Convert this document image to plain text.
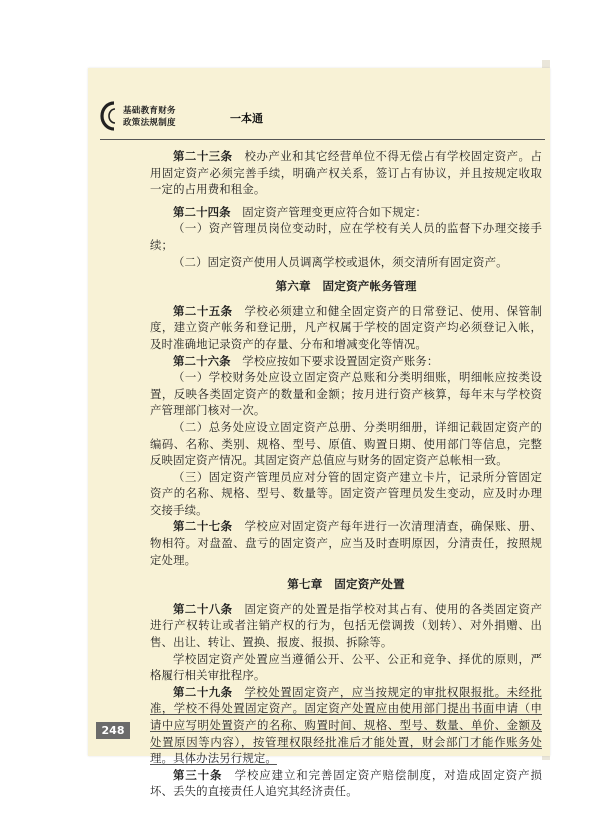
基础教育财务
政策法规制度	一本通

第二十三条　 校办产业和其它经营单位不得无偿占有学校固定资产。占用固定资产必须完善手续，明确产权关系，签订占有协议，并且按规定收取一定的占用费和租金。

第二十四条　 固定资产管理变更应符合如下规定：

（一）资产管理员岗位变动时，应在学校有关人员的监督下办理交接手续；

（二）固定资产使用人员调离学校或退休，须交清所有固定资产。

第六章　固定资产帐务管理

第二十五条　 学校必须建立和健全固定资产的日常登记、使用、保管制度，建立资产帐务和登记册，凡产权属于学校的固定资产均必须登记入帐，及时准确地记录资产的存量、分布和增减变化等情况。

第二十六条　 学校应按如下要求设置固定资产账务：

（一）学校财务处应设立固定资产总账和分类明细账，明细帐应按类设置，反映各类固定资产的数量和金额；按月进行资产核算，每年末与学校资产管理部门核对一次。

（二）总务处应设立固定资产总册、分类明细册，详细记载固定资产的编码、名称、类别、规格、型号、原值、购置日期、使用部门等信息，完整反映固定资产情况。其固定资产总值应与财务的固定资产总帐相一致。

（三）固定资产管理员应对分管的固定资产建立卡片，记录所分管固定资产的名称、规格、型号、数量等。固定资产管理员发生变动，应及时办理交接手续。

第二十七条　 学校应对固定资产每年进行一次清理清查，确保账、册、物相符。对盘盈、盘亏的固定资产，应当及时查明原因，分清责任，按照规定处理。

第七章　固定资产处置

第二十八条　 固定资产的处置是指学校对其占有、使用的各类固定资产进行产权转让或者注销产权的行为，包括无偿调拨（划转）、对外捐赠、出售、出让、转让、置换、报废、报损、拆除等。

学校固定资产处置应当遵循公开、公平、公正和竞争、择优的原则，严格履行相关审批程序。

第二十九条　 学校处置固定资产，应当按规定的审批权限报批。未经批准，学校不得处置固定资产。固定资产处置应由使用部门提出书面申请（申请中应写明处置资产的名称、购置时间、规格、型号、数量、单价、金额及处置原因等内容），按管理权限经批准后才能处置，财会部门才能作账务处理。具体办法另行规定。

第三十条　 学校应建立和完善固定资产赔偿制度，对造成固定资产损坏、丢失的直接责任人追究其经济责任。

248
